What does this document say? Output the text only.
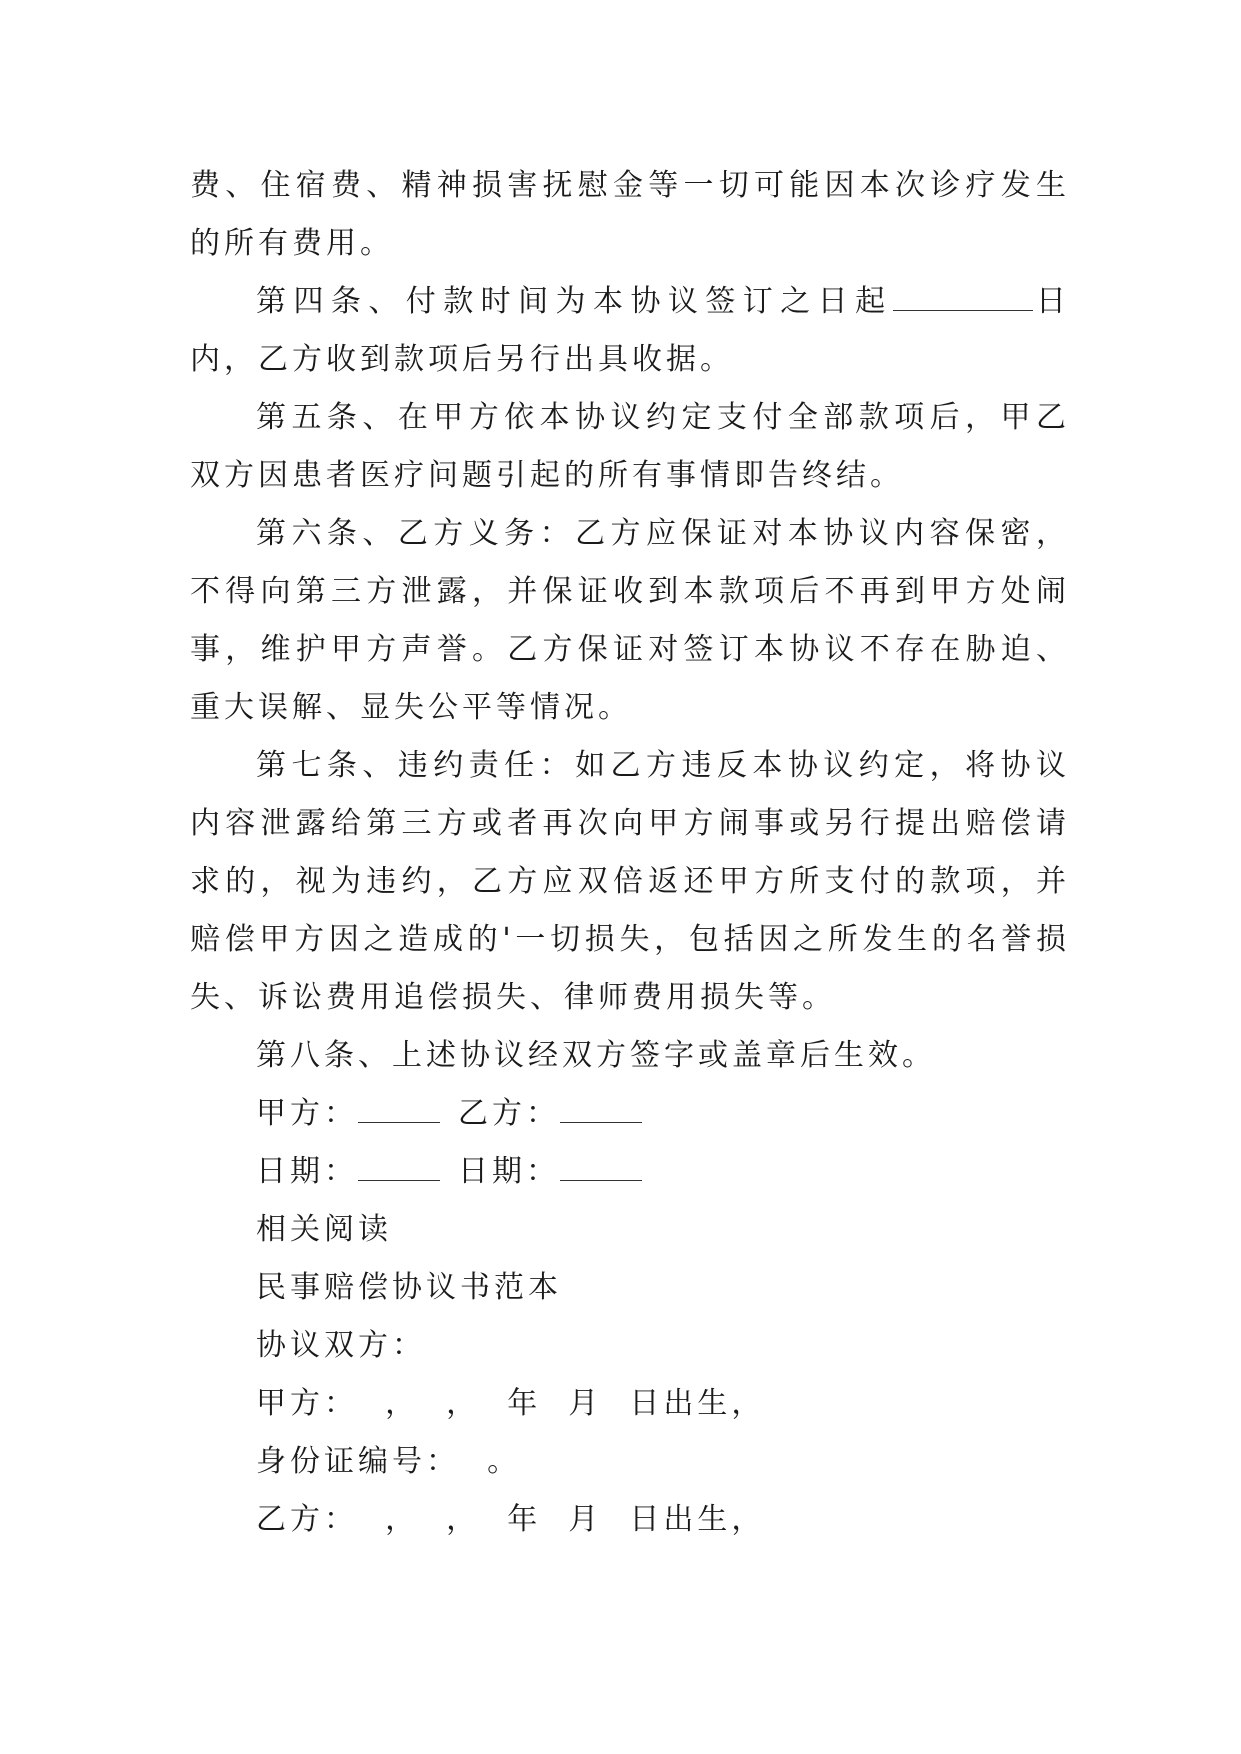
费、住宿费、精神损害抚慰金等一切可能因本次诊疗发生的所有费用。

第四条、付款时间为本协议签订之日起	日内，乙方收到款项后另行出具收据。

第五条、在甲方依本协议约定支付全部款项后，甲乙双方因患者医疗问题引起的所有事情即告终结。

第六条、乙方义务：乙方应保证对本协议内容保密，不得向第三方泄露，并保证收到本款项后不再到甲方处闹事，维护甲方声誉。乙方保证对签订本协议不存在胁迫、重大误解、显失公平等情况。

第七条、违约责任：如乙方违反本协议约定，将协议内容泄露给第三方或者再次向甲方闹事或另行提出赔偿请求的，视为违约，乙方应双倍返还甲方所支付的款项，并赔偿甲方因之造成的'一切损失，包括因之所发生的名誉损失、诉讼费用追偿损失、律师费用损失等。

第八条、上述协议经双方签字或盖章后生效。

甲方：	乙方：

日期：	日期：

相关阅读

民事赔偿协议书范本

协议双方：

甲方：  ，  ，  年  月  日出生，

身份证编号：  。

乙方：  ，  ，  年  月  日出生，
